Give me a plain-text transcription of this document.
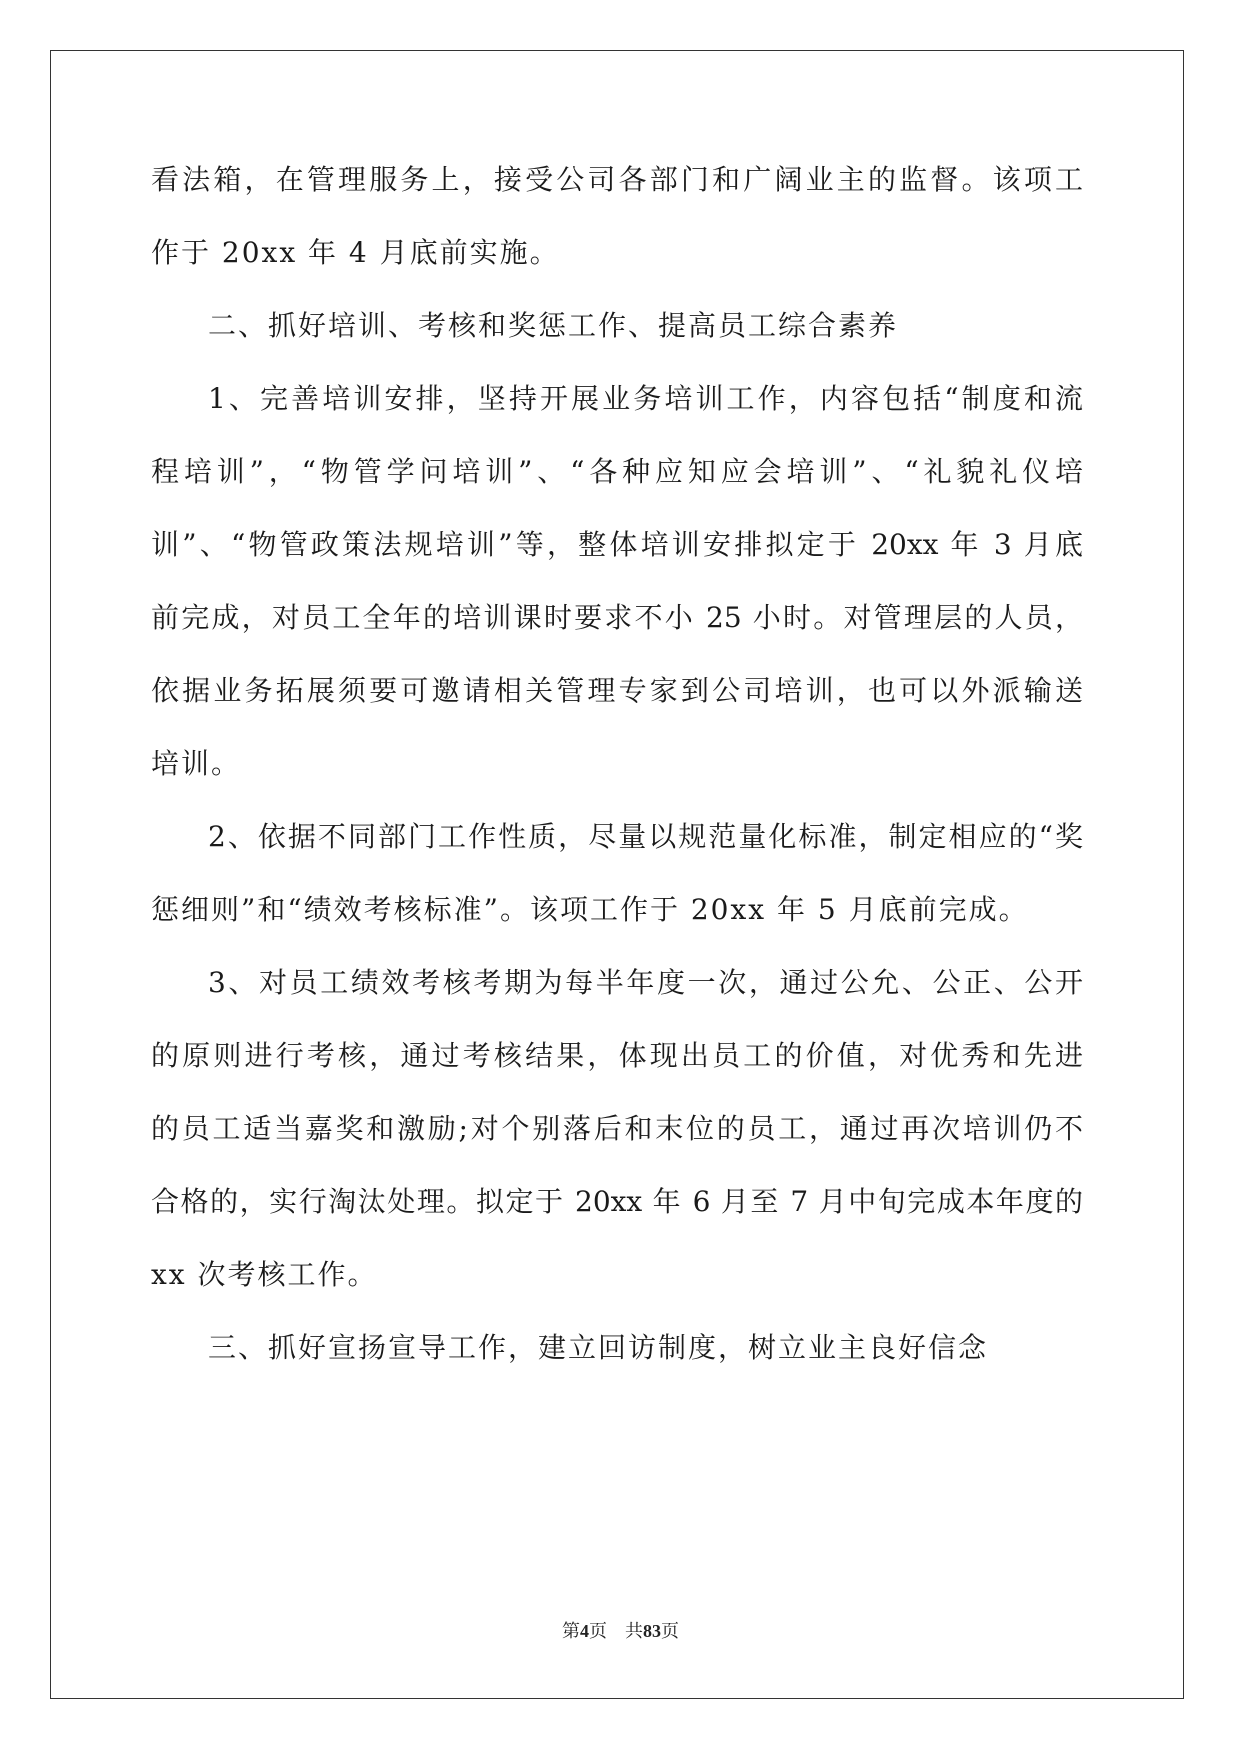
看法箱，在管理服务上，接受公司各部门和广阔业主的监督。该项工
作于 20xx 年 4 月底前实施。
二、抓好培训、考核和奖惩工作、提高员工综合素养
1、完善培训安排，坚持开展业务培训工作，内容包括“制度和流
程培训”，“物管学问培训”、“各种应知应会培训”、“礼貌礼仪培
训”、“物管政策法规培训”等，整体培训安排拟定于 20xx 年 3 月底
前完成，对员工全年的培训课时要求不小 25 小时。对管理层的人员，
依据业务拓展须要可邀请相关管理专家到公司培训，也可以外派输送
培训。
2、依据不同部门工作性质，尽量以规范量化标准，制定相应的“奖
惩细则”和“绩效考核标准”。该项工作于 20xx 年 5 月底前完成。
3、对员工绩效考核考期为每半年度一次，通过公允、公正、公开
的原则进行考核，通过考核结果，体现出员工的价值，对优秀和先进
的员工适当嘉奖和激励;对个别落后和末位的员工，通过再次培训仍不
合格的，实行淘汰处理。拟定于 20xx 年 6 月至 7 月中旬完成本年度的
xx 次考核工作。
三、抓好宣扬宣导工作，建立回访制度，树立业主良好信念
第4页　共83页
